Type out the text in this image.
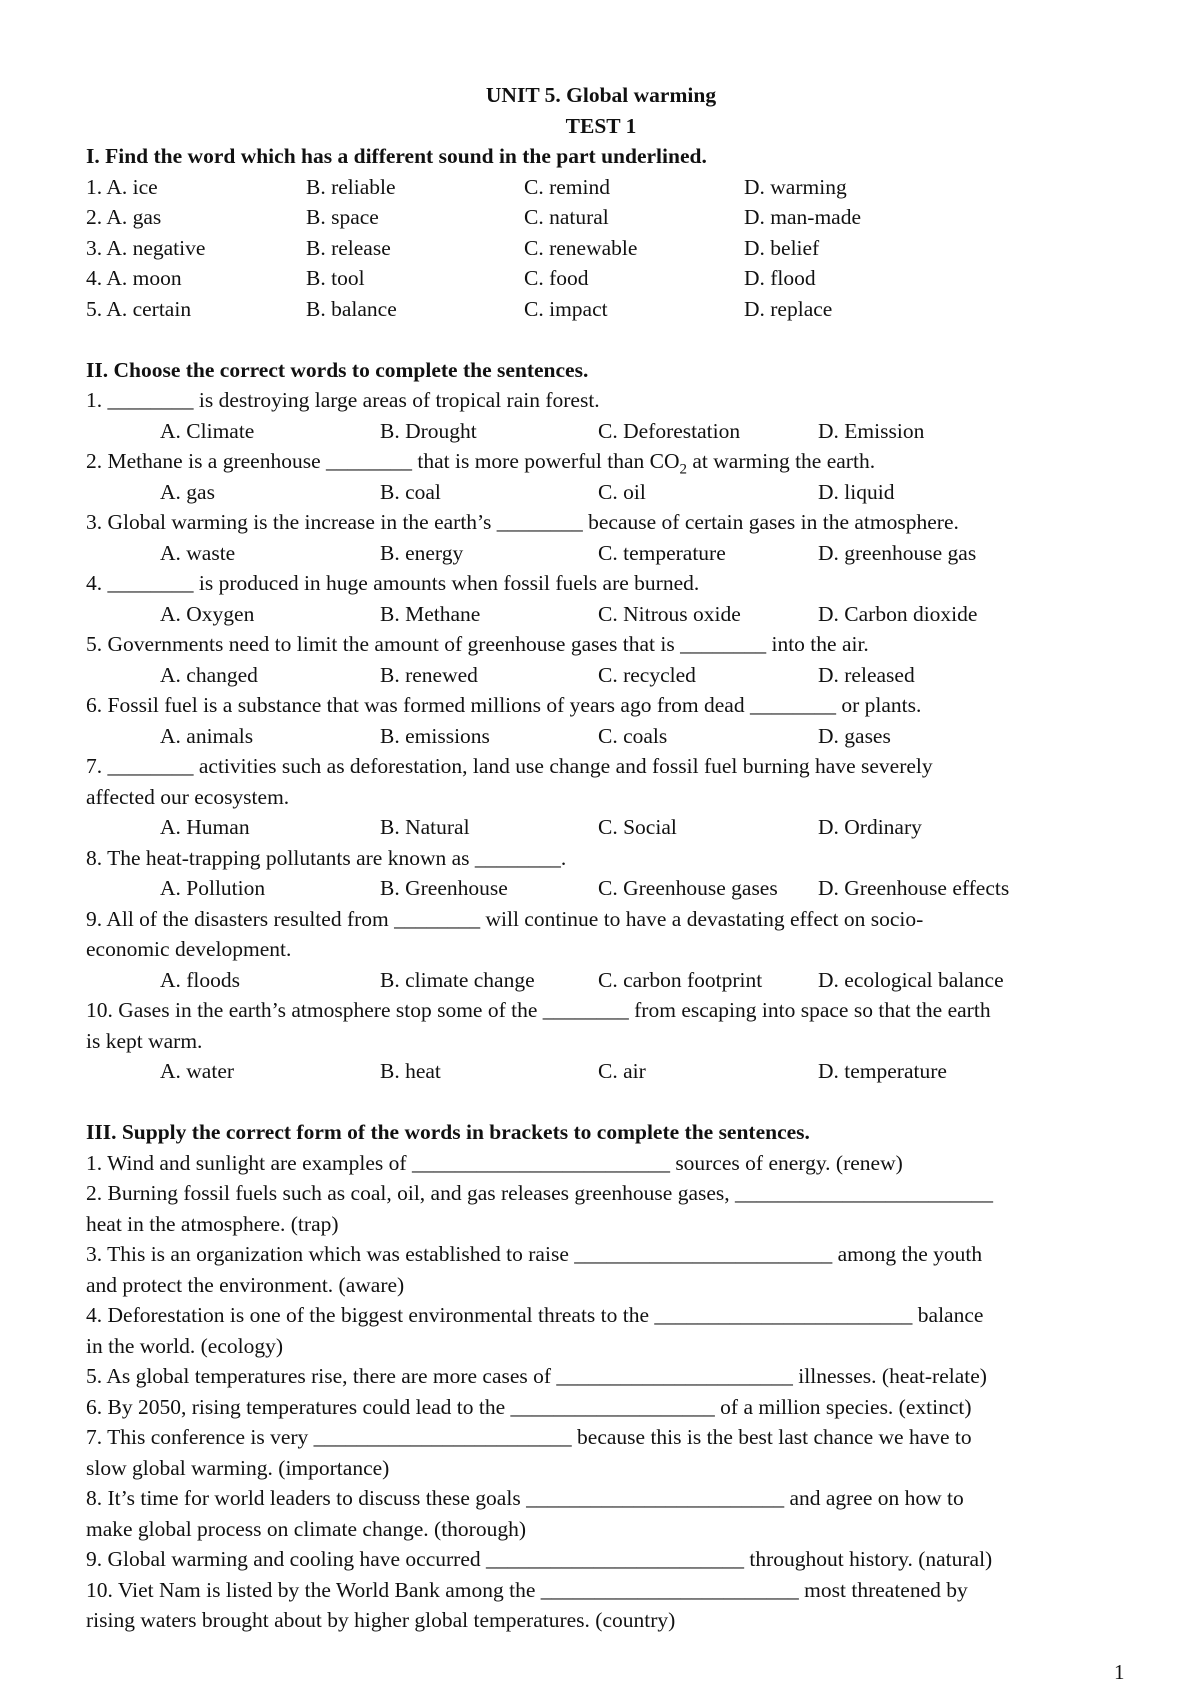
UNIT 5. Global warming
TEST 1
I. Find the word which has a different sound in the part underlined.
1. A. ice	B. reliable	C. remind	D. warming
2. A. gas	B. space	C. natural	D. man-made
3. A. negative	B. release	C. renewable	D. belief
4. A. moon	B. tool	C. food	D. flood
5. A. certain	B. balance	C. impact	D. replace
II. Choose the correct words to complete the sentences.
1. ________ is destroying large areas of tropical rain forest.
A. Climate	B. Drought	C. Deforestation	D. Emission
2. Methane is a greenhouse ________ that is more powerful than $CO_2$ at warming the earth.
A. gas	B. coal	C. oil	D. liquid
3. Global warming is the increase in the earth’s ________ because of certain gases in the atmosphere.
A. waste	B. energy	C. temperature	D. greenhouse gas
4. ________ is produced in huge amounts when fossil fuels are burned.
A. Oxygen	B. Methane	C. Nitrous oxide	D. Carbon dioxide
5. Governments need to limit the amount of greenhouse gases that is ________ into the air.
A. changed	B. renewed	C. recycled	D. released
6. Fossil fuel is a substance that was formed millions of years ago from dead ________ or plants.
A. animals	B. emissions	C. coals	D. gases
7. ________ activities such as deforestation, land use change and fossil fuel burning have severely
affected our ecosystem.
A. Human	B. Natural	C. Social	D. Ordinary
8. The heat-trapping pollutants are known as ________.
A. Pollution	B. Greenhouse	C. Greenhouse gases D. Greenhouse effects
9. All of the disasters resulted from ________ will continue to have a devastating effect on socio-
economic development.
A. floods	B. climate change	C. carbon footprint	D. ecological balance
10. Gases in the earth’s atmosphere stop some of the ________ from escaping into space so that the earth
is kept warm.
A. water	B. heat	C. air	D. temperature
III. Supply the correct form of the words in brackets to complete the sentences.
1. Wind and sunlight are examples of ________________________ sources of energy. (renew)
2. Burning fossil fuels such as coal, oil, and gas releases greenhouse gases, ________________________
heat in the atmosphere. (trap)
3. This is an organization which was established to raise ________________________ among the youth
and protect the environment. (aware)
4. Deforestation is one of the biggest environmental threats to the ________________________ balance
in the world. (ecology)
5. As global temperatures rise, there are more cases of ______________________ illnesses. (heat-relate)
6. By 2050, rising temperatures could lead to the ___________________ of a million species. (extinct)
7. This conference is very ________________________ because this is the best last chance we have to
slow global warming. (importance)
8. It’s time for world leaders to discuss these goals ________________________ and agree on how to
make global process on climate change. (thorough)
9. Global warming and cooling have occurred ________________________ throughout history. (natural)
10. Viet Nam is listed by the World Bank among the ________________________ most threatened by
rising waters brought about by higher global temperatures. (country)
1
